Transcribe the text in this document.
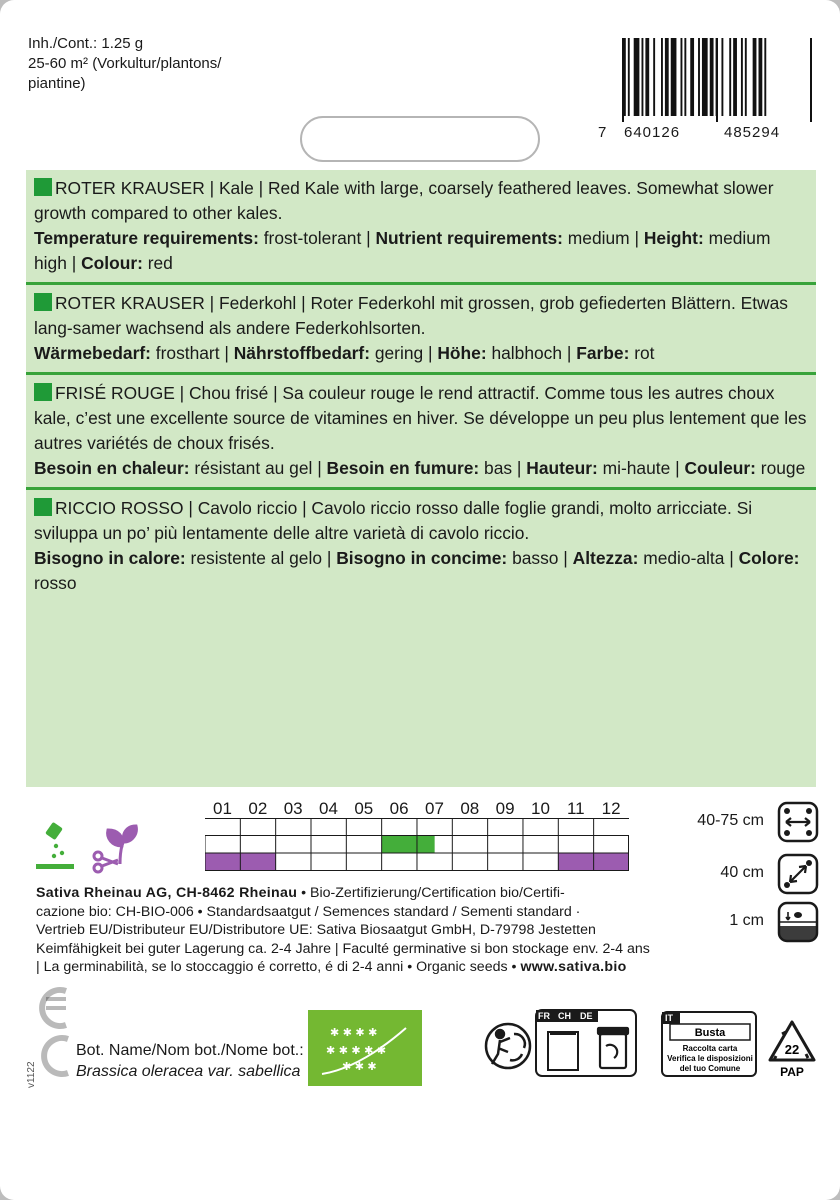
Inh./Cont.: 1.25 g
25-60 m² (Vorkultur/plantons/
piantine)
7 640126	485294
ROTER KRAUSER | Kale | Red Kale with large, coarsely feathered leaves. Somewhat slower growth compared to other kales.
Temperature requirements: frost-tolerant | Nutrient requirements: medium | Height: medium high | Colour: red
ROTER KRAUSER | Federkohl | Roter Federkohl mit grossen, grob gefiederten Blättern. Etwas lang-samer wachsend als andere Federkohlsorten.
Wärmebedarf: frosthart | Nährstoffbedarf: gering | Höhe: halbhoch | Farbe: rot
FRISÉ ROUGE | Chou frisé | Sa couleur rouge le rend attractif. Comme tous les autres choux kale, c’est une excellente source de vitamines en hiver. Se développe un peu plus lentement que les autres variétés de choux frisés.
Besoin en chaleur: résistant au gel | Besoin en fumure: bas | Hauteur: mi-haute | Couleur: rouge
RICCIO ROSSO | Cavolo riccio | Cavolo riccio rosso dalle foglie grandi, molto arricciate. Si sviluppa un po’ più lentamente delle altre varietà di cavolo riccio.
Bisogno in calore: resistente al gelo | Bisogno in concime: basso | Altezza: medio-alta | Colore: rosso
01 02 03 04 05 06 07 08 09 10	11	12
40-75 cm
40 cm
1 cm
Sativa Rheinau AG, CH-8462 Rheinau • Bio-Zertifizierung/Certification bio/Certifi-
cazione bio: CH-BIO-006 • Standardsaatgut / Semences standard / Sementi standard ·
Vertrieb EU/Distributeur EU/Distributore UE: Sativa Biosaatgut GmbH, D-79798 Jestetten
Keimfähigkeit bei guter Lagerung ca. 2-4 Jahre | Faculté germinative si bon stockage env. 2-4 ans
| La germinabilità, se lo stoccaggio é corretto, é di 2-4 anni • Organic seeds • www.sativa.bio
v1122
Bot. Name/Nom bot./Nome bot.:
Brassica oleracea var. sabellica
✱ ✱ ✱ ✱
✱ ✱ ✱ ✱ ✱
✱ ✱ ✱
FR CH DE	IT
Busta
Raccolta carta
Verifica le disposizioni
del tuo Comune
22
PAP
